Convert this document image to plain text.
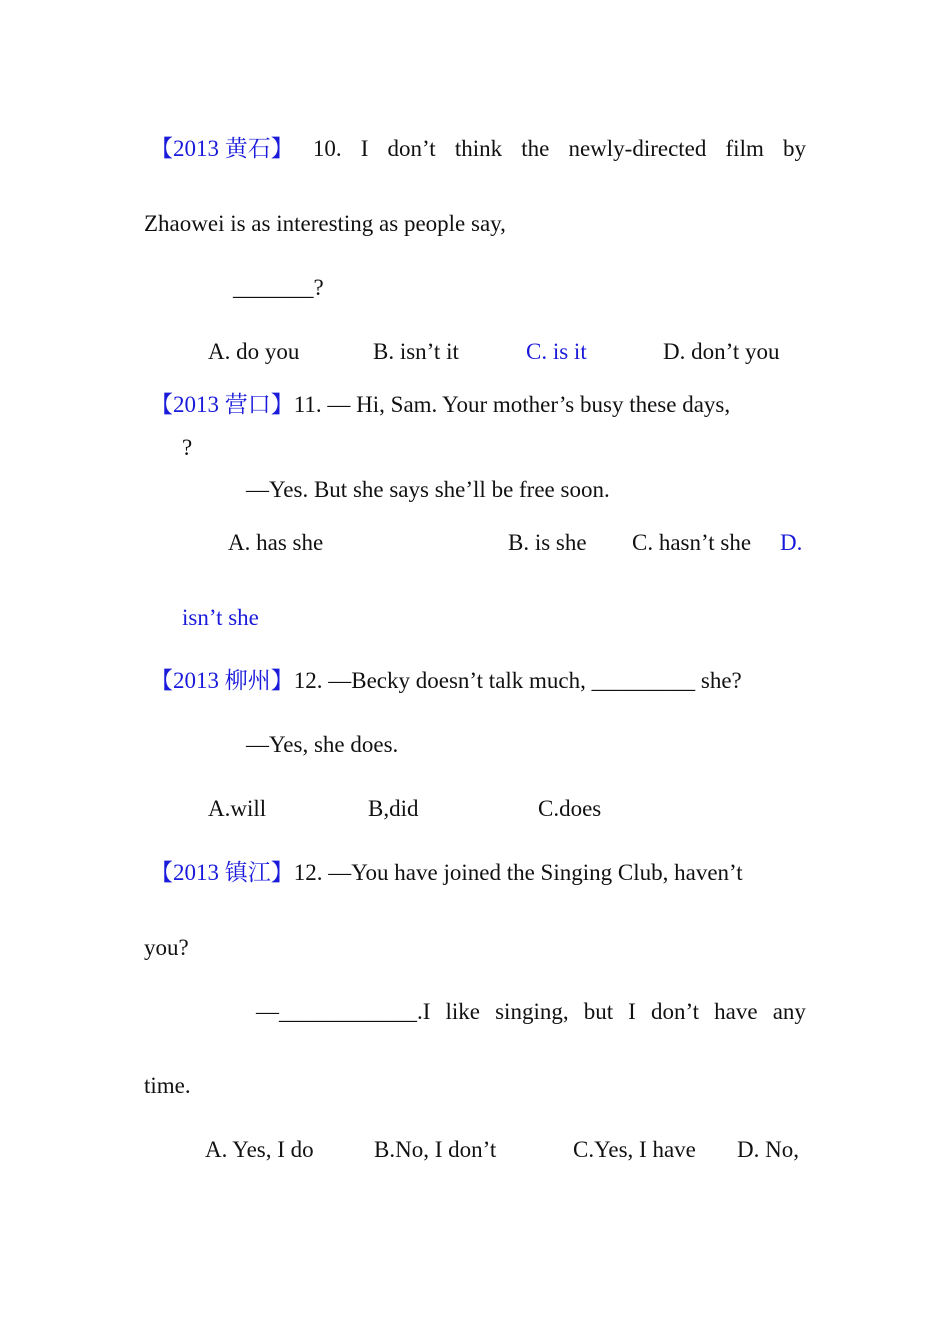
【2013 黄石】 10. I don’t think the newly-directed film by
Zhaowei is as interesting as people say,
_______?
A. do you	B. isn’t it	C. is it	D. don’t you
【2013 营口】11. — Hi, Sam. Your mother’s busy these days,
?
—Yes. But she says she’ll be free soon.
A. has she	B. is she C. hasn’t she D.
isn’t she
【2013 柳州】12. —Becky doesn’t talk much, _________ she?
—Yes, she does.
A.will	B,did	C.does
【2013 镇江】12. —You have joined the Singing Club, haven’t
you?
—____________.I like singing, but I don’t have any
time.
A. Yes, I do	B.No, I don’t	C.Yes, I have D. No,
